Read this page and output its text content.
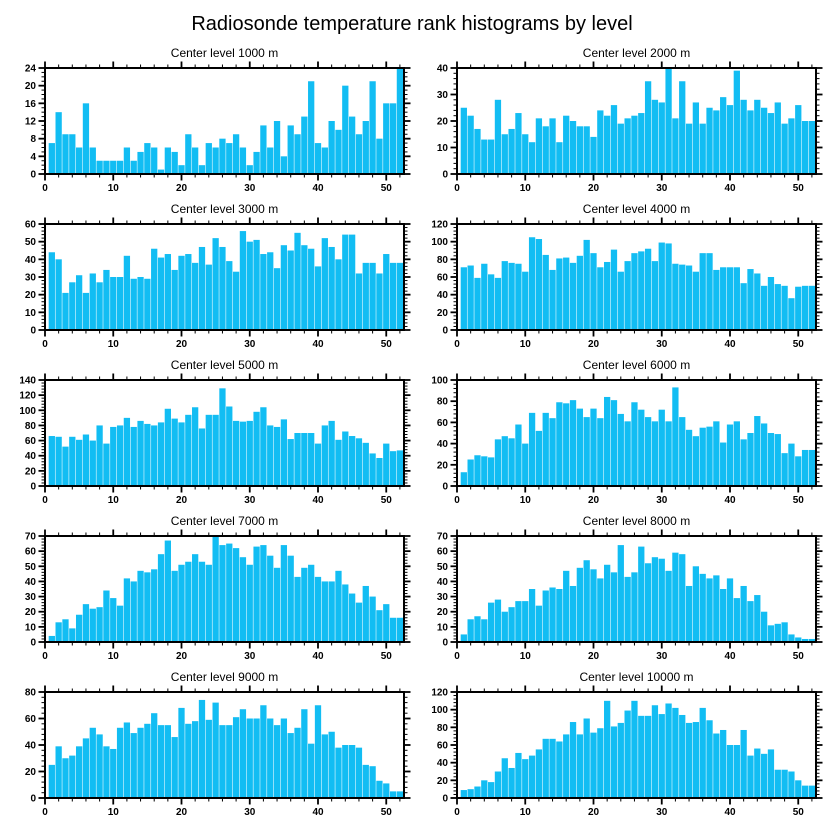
Radiosonde temperature rank histograms by level
Center level 1000 m
0	10	20	30	40	50
0
4
8
12
16
20
24
Center level 2000 m
0	10	20	30	40	50
0
10
20
30
40
Center level 3000 m
0	10	20	30	40	50
0
10
20
30
40
50
60
Center level 4000 m
0	10	20	30	40	50
0
20
40
60
80
100
120
Center level 5000 m
0	10	20	30	40	50
0
20
40
60
80
100
120
140
Center level 6000 m
0	10	20	30	40	50
0
20
40
60
80
100
Center level 7000 m
0	10	20	30	40	50
0
10
20
30
40
50
60
70
Center level 8000 m
0	10	20	30	40	50
0
10
20
30
40
50
60
70
Center level 9000 m
0	10	20	30	40	50
0
20
40
60
80
Center level 10000 m
0	10	20	30	40	50
0
20
40
60
80
100
120
